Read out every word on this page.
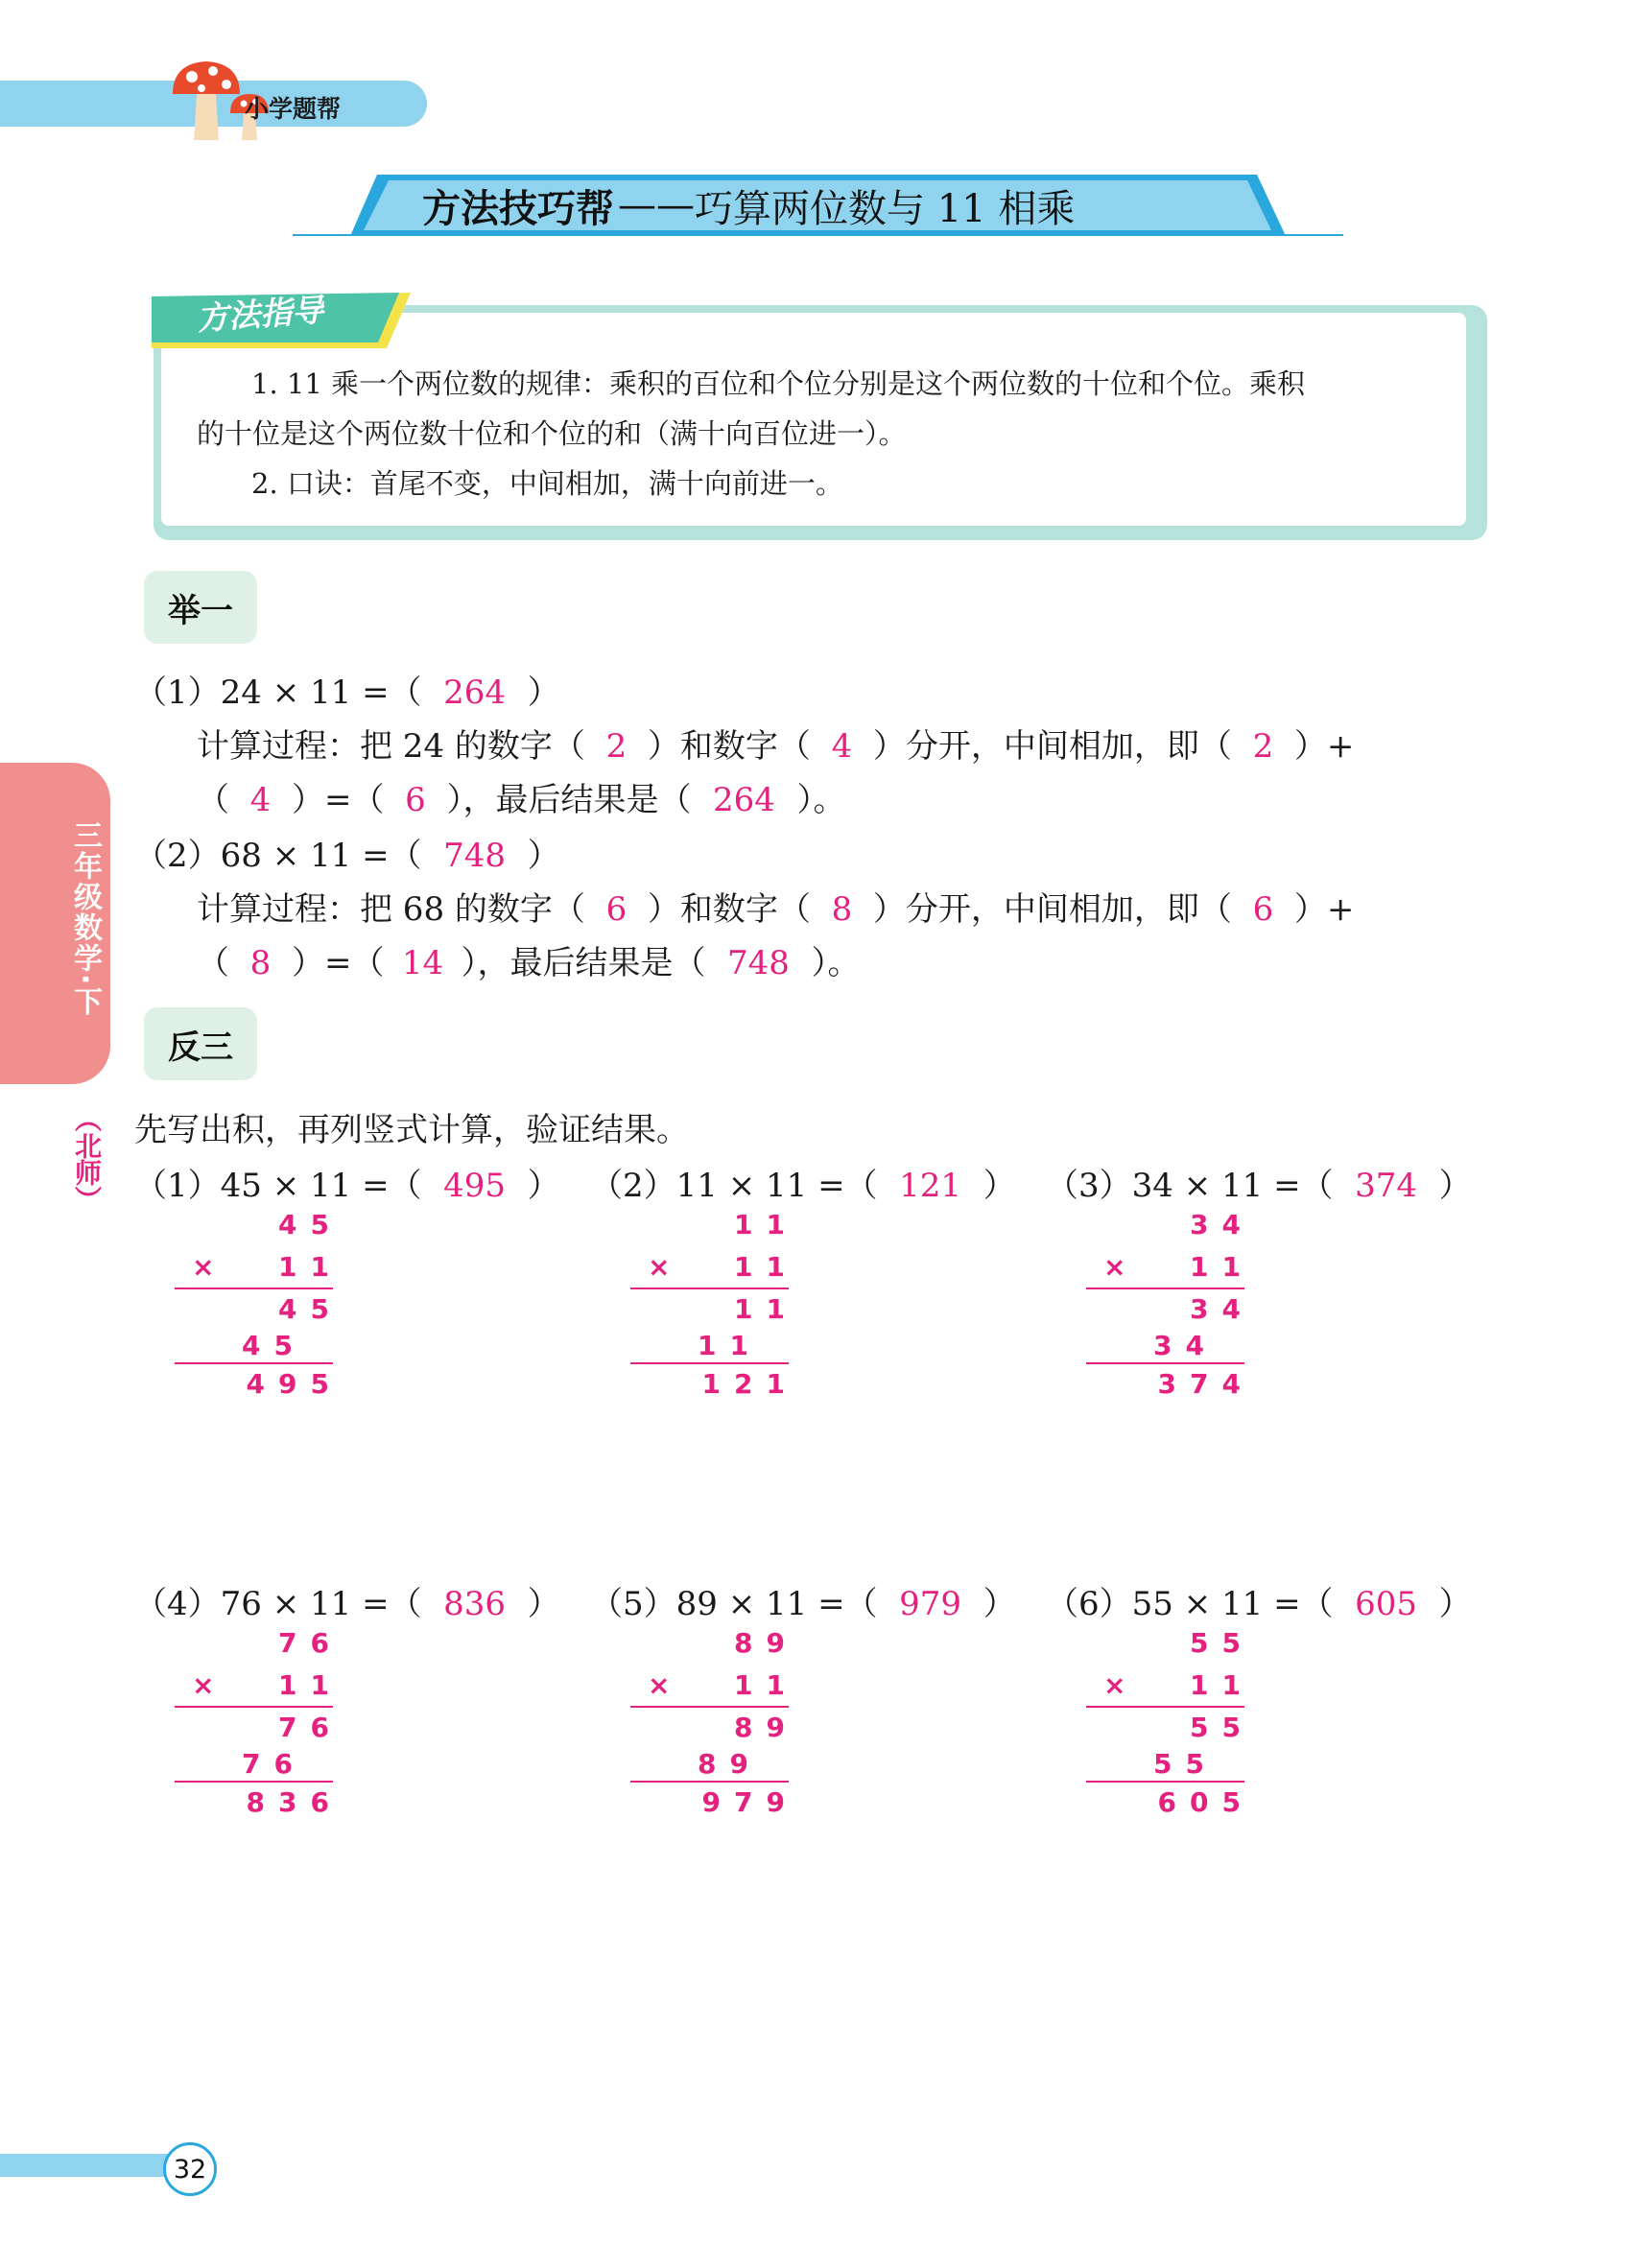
小学题帮
方法技巧帮 —— 巧算两位数与 11 相乘
方法指导
1. 11 乘一个两位数的规律：乘积的百位和个位分别是这个两位数的十位和个位。乘积
的十位是这个两位数十位和个位的和（满十向百位进一）。
2. 口诀：首尾不变，中间相加，满十向前进一。
三年级数学·下
（北师）
举一
（1）24 × 11 =（ 264 ）
计算过程：把 24 的数字（ 2 ）和数字（ 4 ）分开，中间相加，即（ 2 ）+
（ 4 ）=（ 6 ），最后结果是（ 264 ）。
（2）68 × 11 =（ 748 ）
计算过程：把 68 的数字（ 6 ）和数字（ 8 ）分开，中间相加，即（ 6 ）+
（ 8 ）=（ 14 ），最后结果是（ 748 ）。
反三
先写出积，再列竖式计算，验证结果。
（1）45 × 11 =（ 495 ）
45
× 11
45
45
495
（2）11 × 11 =（ 121 ）
11
× 11
11
11
121
（3）34 × 11 =（ 374 ）
34
× 11
34
34
374
（4）76 × 11 =（ 836 ）
76
× 11
76
76
836
（5）89 × 11 =（ 979 ）
89
× 11
89
89
979
（6）55 × 11 =（ 605 ）
55
× 11
55
55
605
32
